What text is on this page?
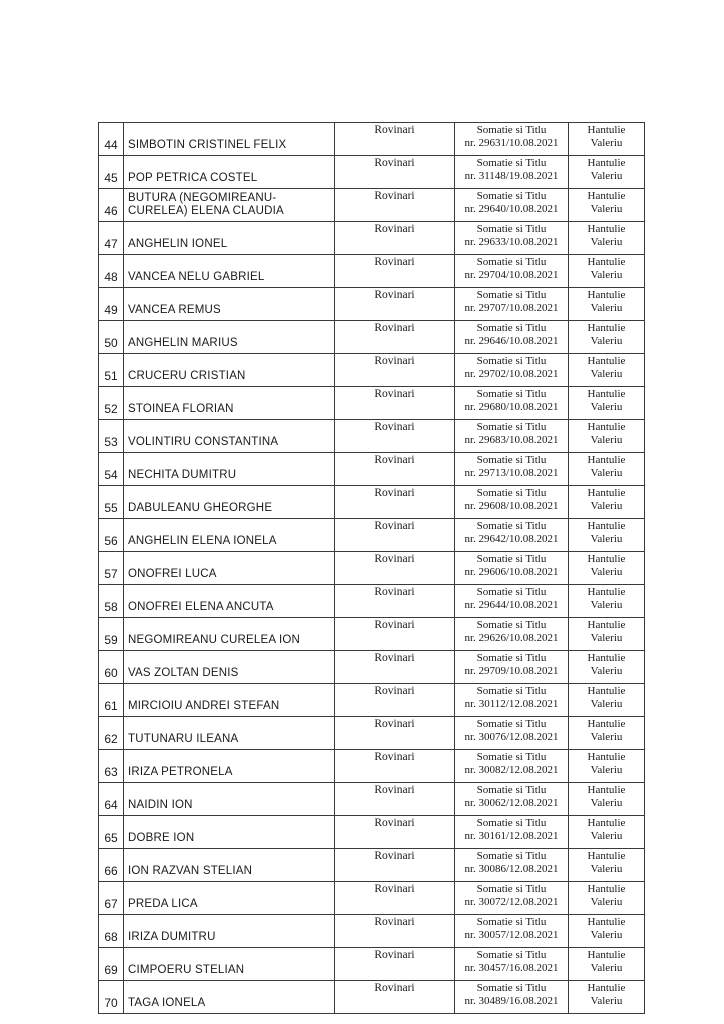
44	SIMBOTIN CRISTINEL FELIX	Rovinari	Somatie si Titlu
nr. 29631/10.08.2021	Hantulie
Valeriu

45	POP PETRICA COSTEL	Rovinari	Somatie si Titlu
nr. 31148/19.08.2021	Hantulie
Valeriu

46	BUTURA (NEGOMIREANU-
CURELEA) ELENA CLAUDIA	Rovinari	Somatie si Titlu
nr. 29640/10.08.2021	Hantulie
Valeriu

47	ANGHELIN IONEL	Rovinari	Somatie si Titlu
nr. 29633/10.08.2021	Hantulie
Valeriu

48	VANCEA NELU GABRIEL	Rovinari	Somatie si Titlu
nr. 29704/10.08.2021	Hantulie
Valeriu

49	VANCEA REMUS	Rovinari	Somatie si Titlu
nr. 29707/10.08.2021	Hantulie
Valeriu

50	ANGHELIN MARIUS	Rovinari	Somatie si Titlu
nr. 29646/10.08.2021	Hantulie
Valeriu

51	CRUCERU CRISTIAN	Rovinari	Somatie si Titlu
nr. 29702/10.08.2021	Hantulie
Valeriu

52	STOINEA FLORIAN	Rovinari	Somatie si Titlu
nr. 29680/10.08.2021	Hantulie
Valeriu

53	VOLINTIRU CONSTANTINA	Rovinari	Somatie si Titlu
nr. 29683/10.08.2021	Hantulie
Valeriu

54	NECHITA DUMITRU	Rovinari	Somatie si Titlu
nr. 29713/10.08.2021	Hantulie
Valeriu

55	DABULEANU GHEORGHE	Rovinari	Somatie si Titlu
nr. 29608/10.08.2021	Hantulie
Valeriu

56	ANGHELIN ELENA IONELA	Rovinari	Somatie si Titlu
nr. 29642/10.08.2021	Hantulie
Valeriu

57	ONOFREI LUCA	Rovinari	Somatie si Titlu
nr. 29606/10.08.2021	Hantulie
Valeriu

58	ONOFREI ELENA ANCUTA	Rovinari	Somatie si Titlu
nr. 29644/10.08.2021	Hantulie
Valeriu

59	NEGOMIREANU CURELEA ION	Rovinari	Somatie si Titlu
nr. 29626/10.08.2021	Hantulie
Valeriu

60	VAS ZOLTAN DENIS	Rovinari	Somatie si Titlu
nr. 29709/10.08.2021	Hantulie
Valeriu

61	MIRCIOIU ANDREI STEFAN	Rovinari	Somatie si Titlu
nr. 30112/12.08.2021	Hantulie
Valeriu

62	TUTUNARU ILEANA	Rovinari	Somatie si Titlu
nr. 30076/12.08.2021	Hantulie
Valeriu

63	IRIZA PETRONELA	Rovinari	Somatie si Titlu
nr. 30082/12.08.2021	Hantulie
Valeriu

64	NAIDIN ION	Rovinari	Somatie si Titlu
nr. 30062/12.08.2021	Hantulie
Valeriu

65	DOBRE ION	Rovinari	Somatie si Titlu
nr. 30161/12.08.2021	Hantulie
Valeriu

66	ION RAZVAN STELIAN	Rovinari	Somatie si Titlu
nr. 30086/12.08.2021	Hantulie
Valeriu

67	PREDA LICA	Rovinari	Somatie si Titlu
nr. 30072/12.08.2021	Hantulie
Valeriu

68	IRIZA DUMITRU	Rovinari	Somatie si Titlu
nr. 30057/12.08.2021	Hantulie
Valeriu

69	CIMPOERU STELIAN	Rovinari	Somatie si Titlu
nr. 30457/16.08.2021	Hantulie
Valeriu

70	TAGA IONELA	Rovinari	Somatie si Titlu
nr. 30489/16.08.2021	Hantulie
Valeriu
